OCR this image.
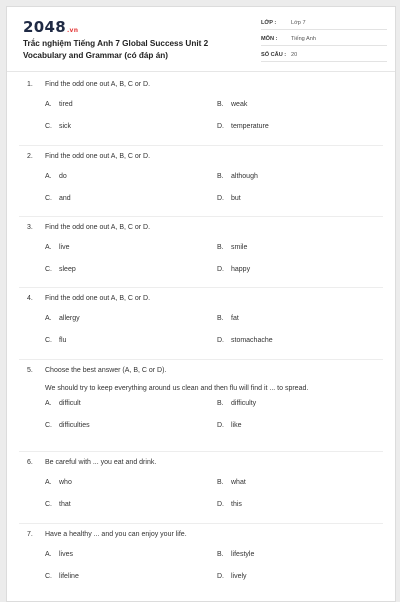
2048.vn
Trắc nghiệm Tiếng Anh 7 Global Success Unit 2
Vocabulary and Grammar (có đáp án)
LỚP :	Lớp 7
MÔN : Tiếng Anh
SỐ CÂU : 20
1. Find the odd one out A, B, C or D.
A. tired	B. weak
C. sick	D. temperature
2. Find the odd one out A, B, C or D.
A. do	B. although
C. and	D. but
3. Find the odd one out A, B, C or D.
A. live	B. smile
C. sleep	D. happy
4. Find the odd one out A, B, C or D.
A. allergy	B. fat
C. flu	D. stomachache
5. Choose the best answer (A, B, C or D).
We should try to keep everything around us clean and then flu will find it ... to spread.
A. difficult	B. difficulty
C. difficulties	D. like
6. Be careful with ... you eat and drink.
A. who	B. what
C. that	D. this
7. Have a healthy ... and you can enjoy your life.
A. lives	B. lifestyle
C. lifeline	D. lively
